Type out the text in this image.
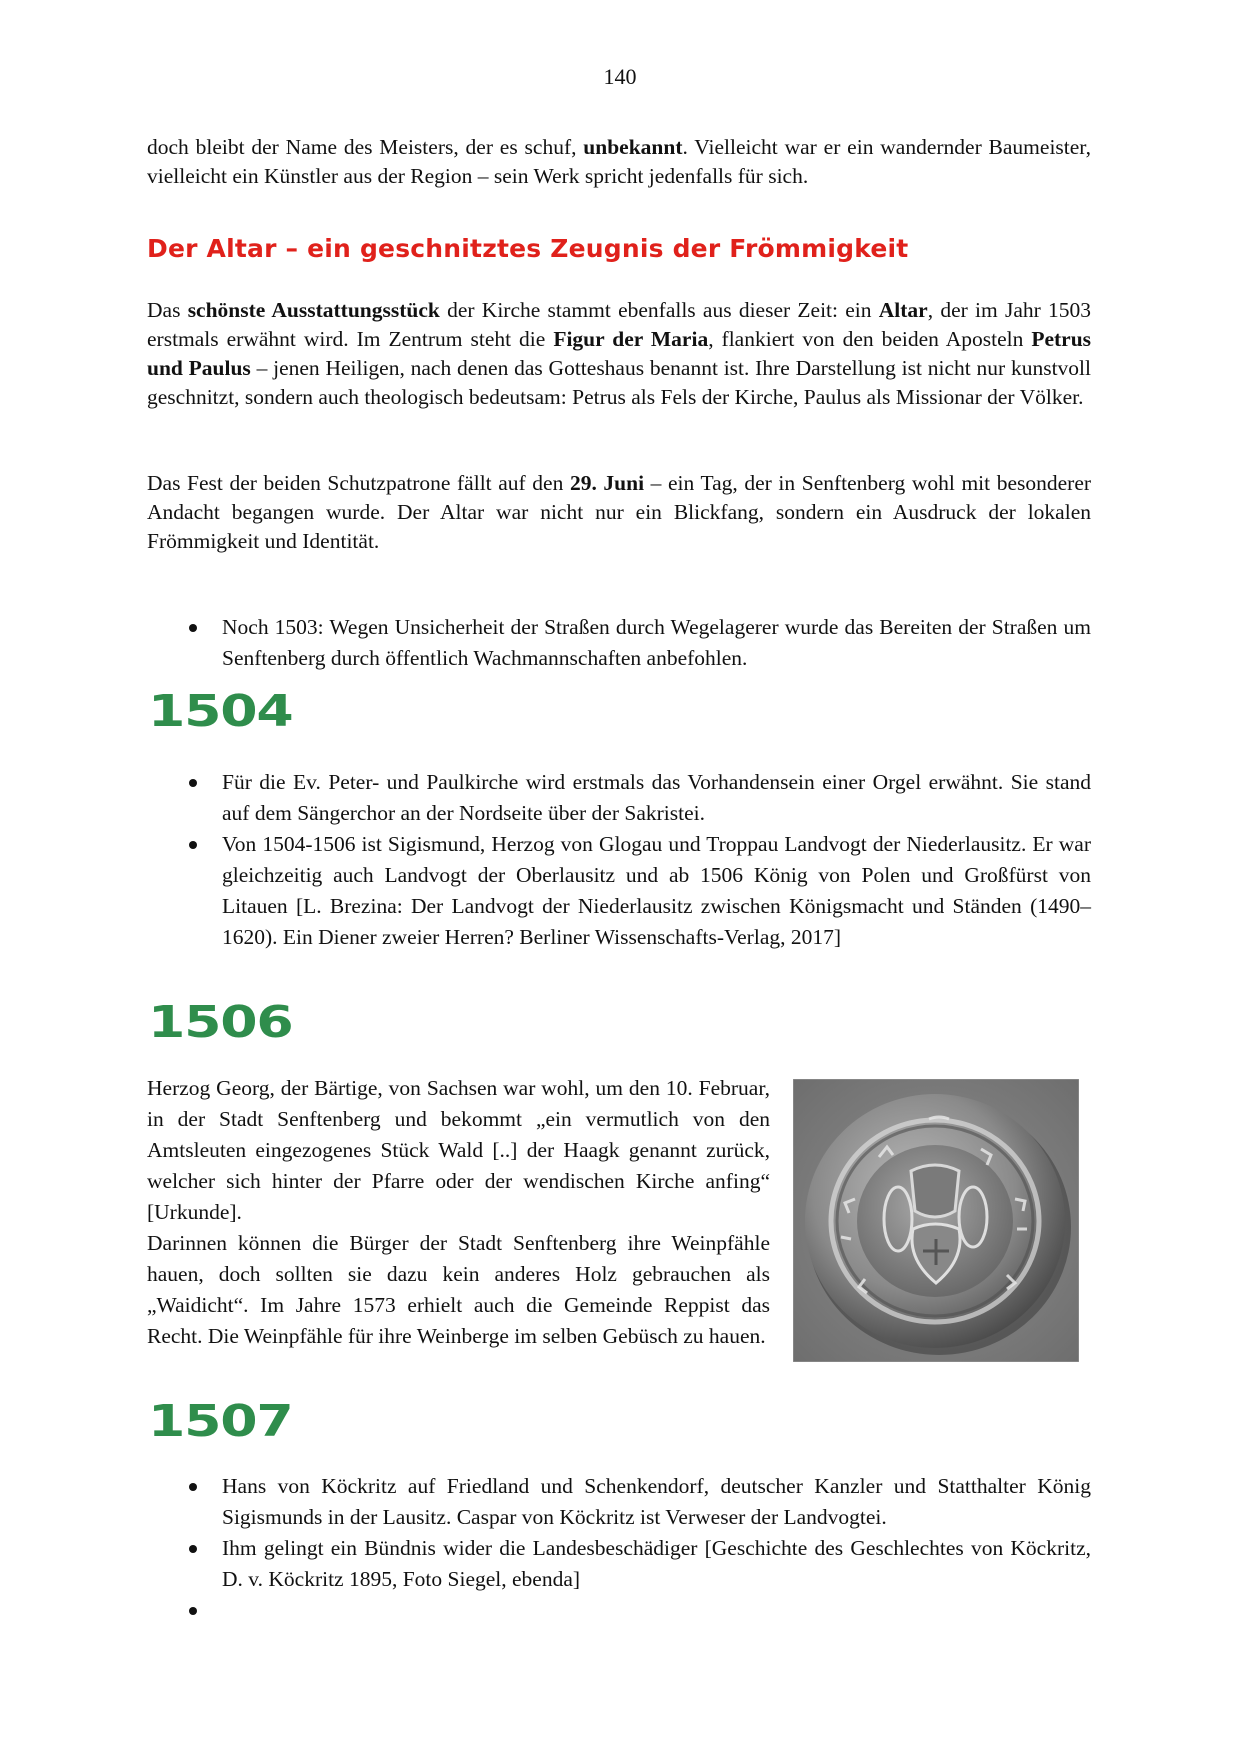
140

doch bleibt der Name des Meisters, der es schuf, unbekannt. Vielleicht war er ein wandernder Baumeister, vielleicht ein Künstler aus der Region – sein Werk spricht jedenfalls für sich.

Der Altar – ein geschnitztes Zeugnis der Frömmigkeit

Das schönste Ausstattungsstück der Kirche stammt ebenfalls aus dieser Zeit: ein Altar, der im Jahr 1503 erstmals erwähnt wird. Im Zentrum steht die Figur der Maria, flankiert von den beiden Aposteln Petrus und Paulus – jenen Heiligen, nach denen das Gotteshaus benannt ist. Ihre Darstellung ist nicht nur kunstvoll geschnitzt, sondern auch theologisch bedeutsam: Petrus als Fels der Kirche, Paulus als Missionar der Völker.

Das Fest der beiden Schutzpatrone fällt auf den 29. Juni – ein Tag, der in Senftenberg wohl mit besonderer Andacht begangen wurde. Der Altar war nicht nur ein Blickfang, sondern ein Ausdruck der lokalen Frömmigkeit und Identität.

Noch 1503: Wegen Unsicherheit der Straßen durch Wegelagerer wurde das Bereiten der Straßen um Senftenberg durch öffentlich Wachmannschaften anbefohlen.
1504
Für die Ev. Peter- und Paulkirche wird erstmals das Vorhandensein einer Orgel erwähnt. Sie stand auf dem Sängerchor an der Nordseite über der Sakristei.
Von 1504-1506 ist Sigismund, Herzog von Glogau und Troppau Landvogt der Niederlausitz. Er war gleichzeitig auch Landvogt der Oberlausitz und ab 1506 König von Polen und Großfürst von Litauen [L. Brezina: Der Landvogt der Niederlausitz zwischen Königsmacht und Ständen (1490–1620). Ein Diener zweier Herren? Berliner Wissenschafts-Verlag, 2017]
1506

Herzog Georg, der Bärtige, von Sachsen war wohl, um den 10. Februar, in der Stadt Senftenberg und bekommt „ein vermutlich von den Amtsleuten eingezogenes Stück Wald [..] der Haagk genannt zurück, welcher sich hinter der Pfarre oder der wendischen Kirche anfing“ [Urkunde].
Darinnen können die Bürger der Stadt Senftenberg ihre Weinpfähle hauen, doch sollten sie dazu kein anderes Holz gebrauchen als „Waidicht“. Im Jahre 1573 erhielt auch die Gemeinde Reppist das Recht. Die Weinpfähle für ihre Weinberge im selben Gebüsch zu hauen.

1507
Hans von Köckritz auf Friedland und Schenkendorf, deutscher Kanzler und Statthalter König Sigismunds in der Lausitz. Caspar von Köckritz ist Verweser der Landvogtei.
Ihm gelingt ein Bündnis wider die Landesbeschädiger [Geschichte des Geschlechtes von Köckritz, D. v. Köckritz 1895, Foto Siegel, ebenda]
